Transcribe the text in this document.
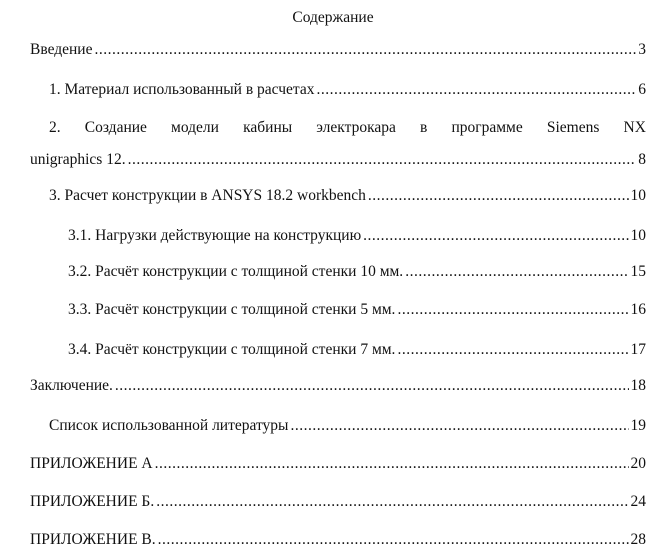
Содержание
Введение .....	3
1. Материал использованный в расчетах .....	6
2. Создание модели кабины электрокара в программе Siemens NX
unigraphics 12. .....	8
3. Расчет конструкции в ANSYS 18.2 workbench .....	10
3.1. Нагрузки действующие на конструкцию .....	10
3.2. Расчёт конструкции с толщиной стенки 10 мм. .....	15
3.3. Расчёт конструкции с толщиной стенки 5 мм. .....	16
3.4. Расчёт конструкции с толщиной стенки 7 мм. .....	17
Заключение. .....	18
Список использованной литературы .....	19
ПРИЛОЖЕНИЕ А .....	20
ПРИЛОЖЕНИЕ Б. .....	24
ПРИЛОЖЕНИЕ В. .....	28
